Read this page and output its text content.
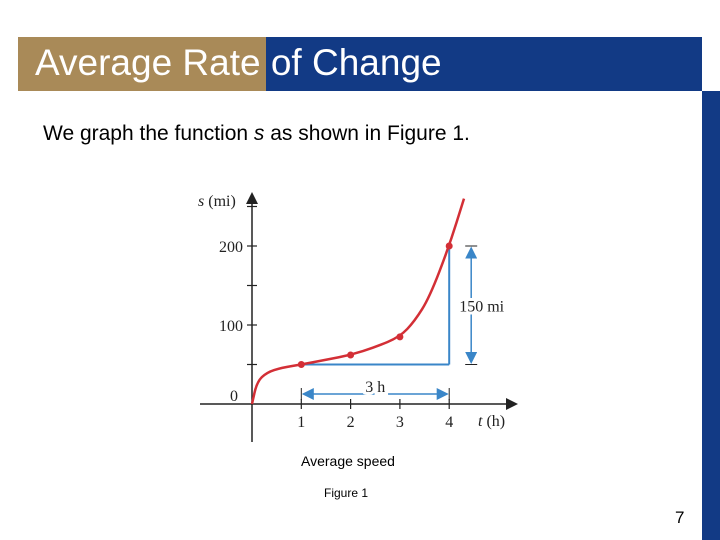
Average Rate of Change
We graph the function s as shown in Figure 1.
3 h
150 mi
1	2	3	4
100
200
0
s (mi)
t (h)
Average speed
Figure 1
7
